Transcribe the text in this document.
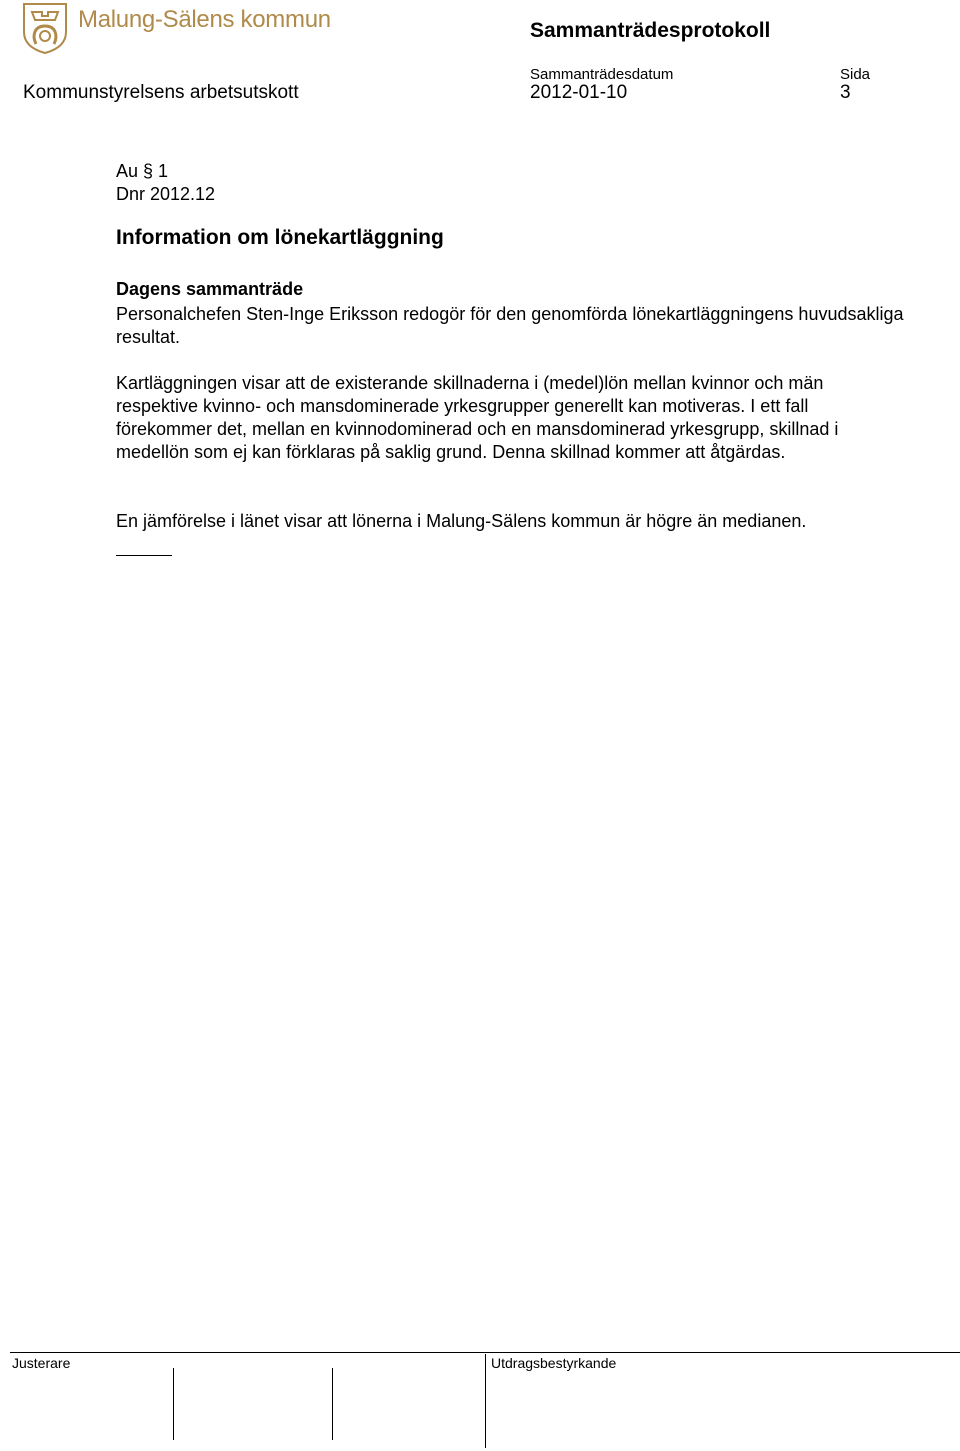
Malung-Sälens kommun	Sammanträdesprotokoll
Sammanträdesdatum	Sida
Kommunstyrelsens arbetsutskott	2012-01-10	3
Au § 1
Dnr 2012.12
Information om lönekartläggning
Dagens sammanträde
Personalchefen Sten-Inge Eriksson redogör för den genomförda lönekartläggningens huvudsakliga resultat.
Kartläggningen visar att de existerande skillnaderna i (medel)lön mellan kvinnor och män respektive kvinno- och mansdominerade yrkesgrupper generellt kan motiveras. I ett fall förekommer det, mellan en kvinnodominerad och en mansdominerad yrkesgrupp, skillnad i medellön som ej kan förklaras på saklig grund. Denna skillnad kommer att åtgärdas.
En jämförelse i länet visar att lönerna i Malung-Sälens kommun är högre än medianen.
Justerare	Utdragsbestyrkande
